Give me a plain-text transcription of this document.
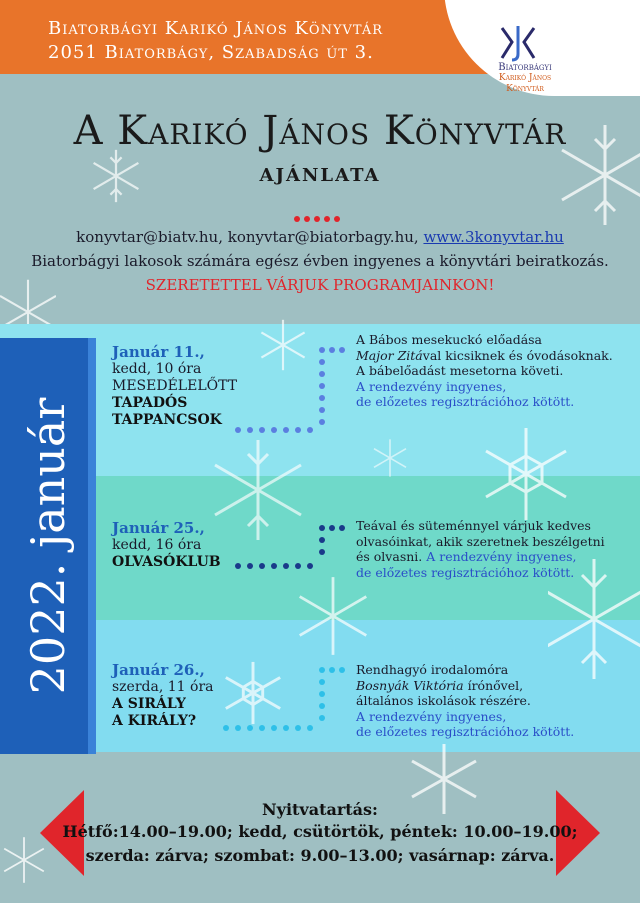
Biatorbágyi Karikó János Könyvtár
2051 Biatorbágy, Szabadság út 3.
Biatorbágyi
Karikó János
Könyvtár
A Karikó János Könyvtár
ajánlata
konyvtar@biatv.hu, konyvtar@biatorbagy.hu, www.3konyvtar.hu
Biatorbágyi lakosok számára egész évben ingyenes a könyvtári beiratkozás.
SZERETETTEL VÁRJUK PROGRAMJAINKON!
2022. január
Január 11.,
kedd, 10 óra
MESEDÉLELŐTT
TAPADÓS
TAPPANCSOK
A Bábos mesekuckó előadása
Major Zitával kicsiknek és óvodásoknak.
A bábelőadást mesetorna követi.
A rendezvény ingyenes,
de előzetes regisztrációhoz kötött.
Január 25.,
kedd, 16 óra
OLVASÓKLUB
Teával és süteménnyel várjuk kedves
olvasóinkat, akik szeretnek beszélgetni
és olvasni. A rendezvény ingyenes,
de előzetes regisztrációhoz kötött.
Január 26.,
szerda, 11 óra
A SIRÁLY
A KIRÁLY?
Rendhagyó irodalomóra
Bosnyák Viktória írónővel,
általános iskolások részére.
A rendezvény ingyenes,
de előzetes regisztrációhoz kötött.
Nyitvatartás:
Hétfő:14.00–19.00; kedd, csütörtök, péntek: 10.00–19.00;
szerda: zárva; szombat: 9.00–13.00; vasárnap: zárva.
